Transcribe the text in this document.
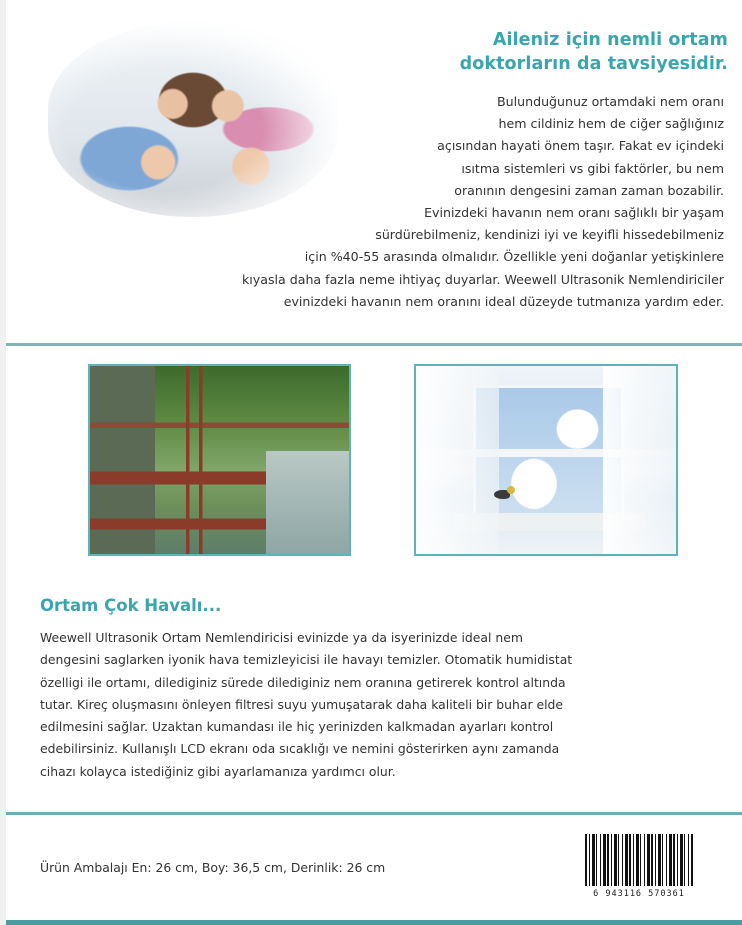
Aileniz için nemli ortam
doktorların da tavsiyesidir.
Bulunduğunuz ortamdaki nem oranı
hem cildiniz hem de ciğer sağlığınız
açısından hayati önem taşır. Fakat ev içindeki
ısıtma sistemleri vs gibi faktörler, bu nem
oranının dengesini zaman zaman bozabilir.
Evinizdeki havanın nem oranı sağlıklı bir yaşam
sürdürebilmeniz, kendinizi iyi ve keyifli hissedebilmeniz
için %40-55 arasında olmalıdır. Özellikle yeni doğanlar yetişkinlere
kıyasla daha fazla neme ihtiyaç duyarlar. Weewell Ultrasonik Nemlendiriciler
evinizdeki havanın nem oranını ideal düzeyde tutmanıza yardım eder.
Ortam Çok Havalı...
Weewell Ultrasonik Ortam Nemlendiricisi evinizde ya da isyerinizde ideal nem
dengesini saglarken iyonik hava temizleyicisi ile havayı temizler. Otomatik humidistat
özelligi ile ortamı, dilediginiz sürede dilediginiz nem oranına getirerek kontrol altında
tutar. Kireç oluşmasını önleyen filtresi suyu yumuşatarak daha kaliteli bir buhar elde
edilmesini sağlar. Uzaktan kumandası ile hiç yerinizden kalkmadan ayarları kontrol
edebilirsiniz. Kullanışlı LCD ekranı oda sıcaklığı ve nemini gösterirken aynı zamanda
cihazı kolayca istediğiniz gibi ayarlamanıza yardımcı olur.
Ürün Ambalajı En: 26 cm, Boy: 36,5 cm, Derinlik: 26 cm
6 943116 570361
